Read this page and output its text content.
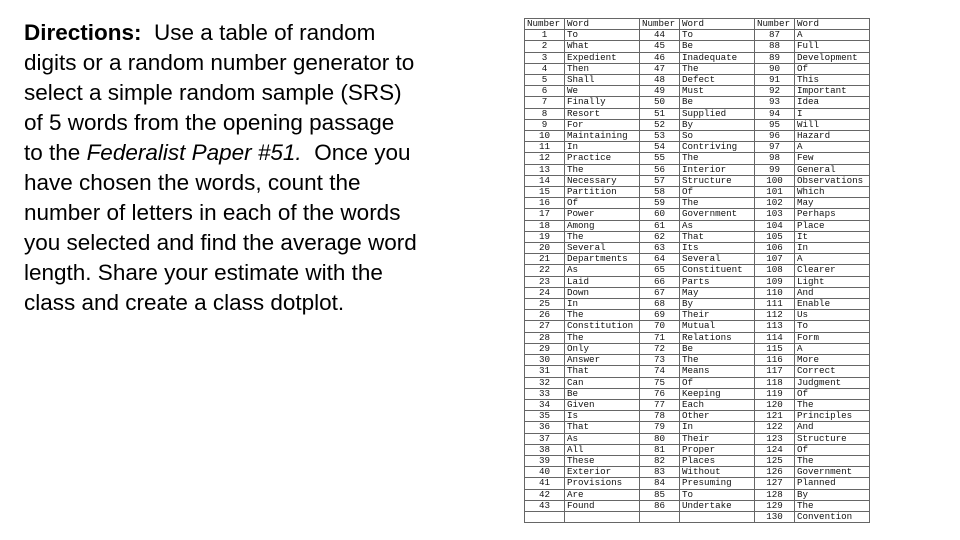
Directions: Use a table of random digits or a random number generator to select a simple random sample (SRS) of 5 words from the opening passage to the Federalist Paper #51. Once you have chosen the words, count the number of letters in each of the words you selected and find the average word length. Share your estimate with the class and create a class dotplot.
Number	Word	Number	Word	Number	Word
1	To	44	To	87	A
2	What	45	Be	88	Full
3	Expedient	46	Inadequate	89	Development
4	Then	47	The	90	Of
5	Shall	48	Defect	91	This
6	We	49	Must	92	Important
7	Finally	50	Be	93	Idea
8	Resort	51	Supplied	94	I
9	For	52	By	95	Will
10	Maintaining	53	So	96	Hazard
11	In	54	Contriving	97	A
12	Practice	55	The	98	Few
13	The	56	Interior	99	General
14	Necessary	57	Structure	100	Observations
15	Partition	58	Of	101	Which
16	Of	59	The	102	May
17	Power	60	Government	103	Perhaps
18	Among	61	As	104	Place
19	The	62	That	105	It
20	Several	63	Its	106	In
21	Departments	64	Several	107	A
22	As	65	Constituent	108	Clearer
23	Laid	66	Parts	109	Light
24	Down	67	May	110	And
25	In	68	By	111	Enable
26	The	69	Their	112	Us
27	Constitution	70	Mutual	113	To
28	The	71	Relations	114	Form
29	Only	72	Be	115	A
30	Answer	73	The	116	More
31	That	74	Means	117	Correct
32	Can	75	Of	118	Judgment
33	Be	76	Keeping	119	Of
34	Given	77	Each	120	The
35	Is	78	Other	121	Principles
36	That	79	In	122	And
37	As	80	Their	123	Structure
38	All	81	Proper	124	Of
39	These	82	Places	125	The
40	Exterior	83	Without	126	Government
41	Provisions	84	Presuming	127	Planned
42	Are	85	To	128	By
43	Found	86	Undertake	129	The
				130	Convention
